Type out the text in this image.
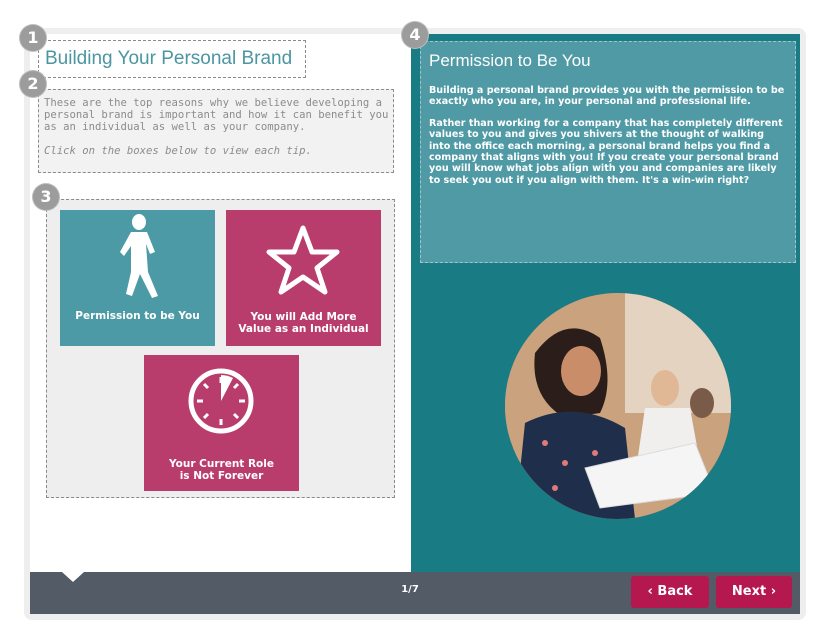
Building Your Personal Brand

These are the top reasons why we believe developing a personal brand is important and how it can benefit you as an individual as well as your company.

Click on the boxes below to view each tip.

Permission to be You	You will Add More
Value as an Individual
Your Current Role
is Not Forever
Permission to Be You

Building a personal brand provides you with the permission to be exactly who you are, in your personal and professional life.

Rather than working for a company that has completely different values to you and gives you shivers at the thought of walking into the office each morning, a personal brand helps you find a company that aligns with you! If you create your personal brand you will know what jobs align with you and companies are likely to seek you out if you align with them. It's a win-win right?

1/7	‹ Back	Next ›
1
2
3
4
